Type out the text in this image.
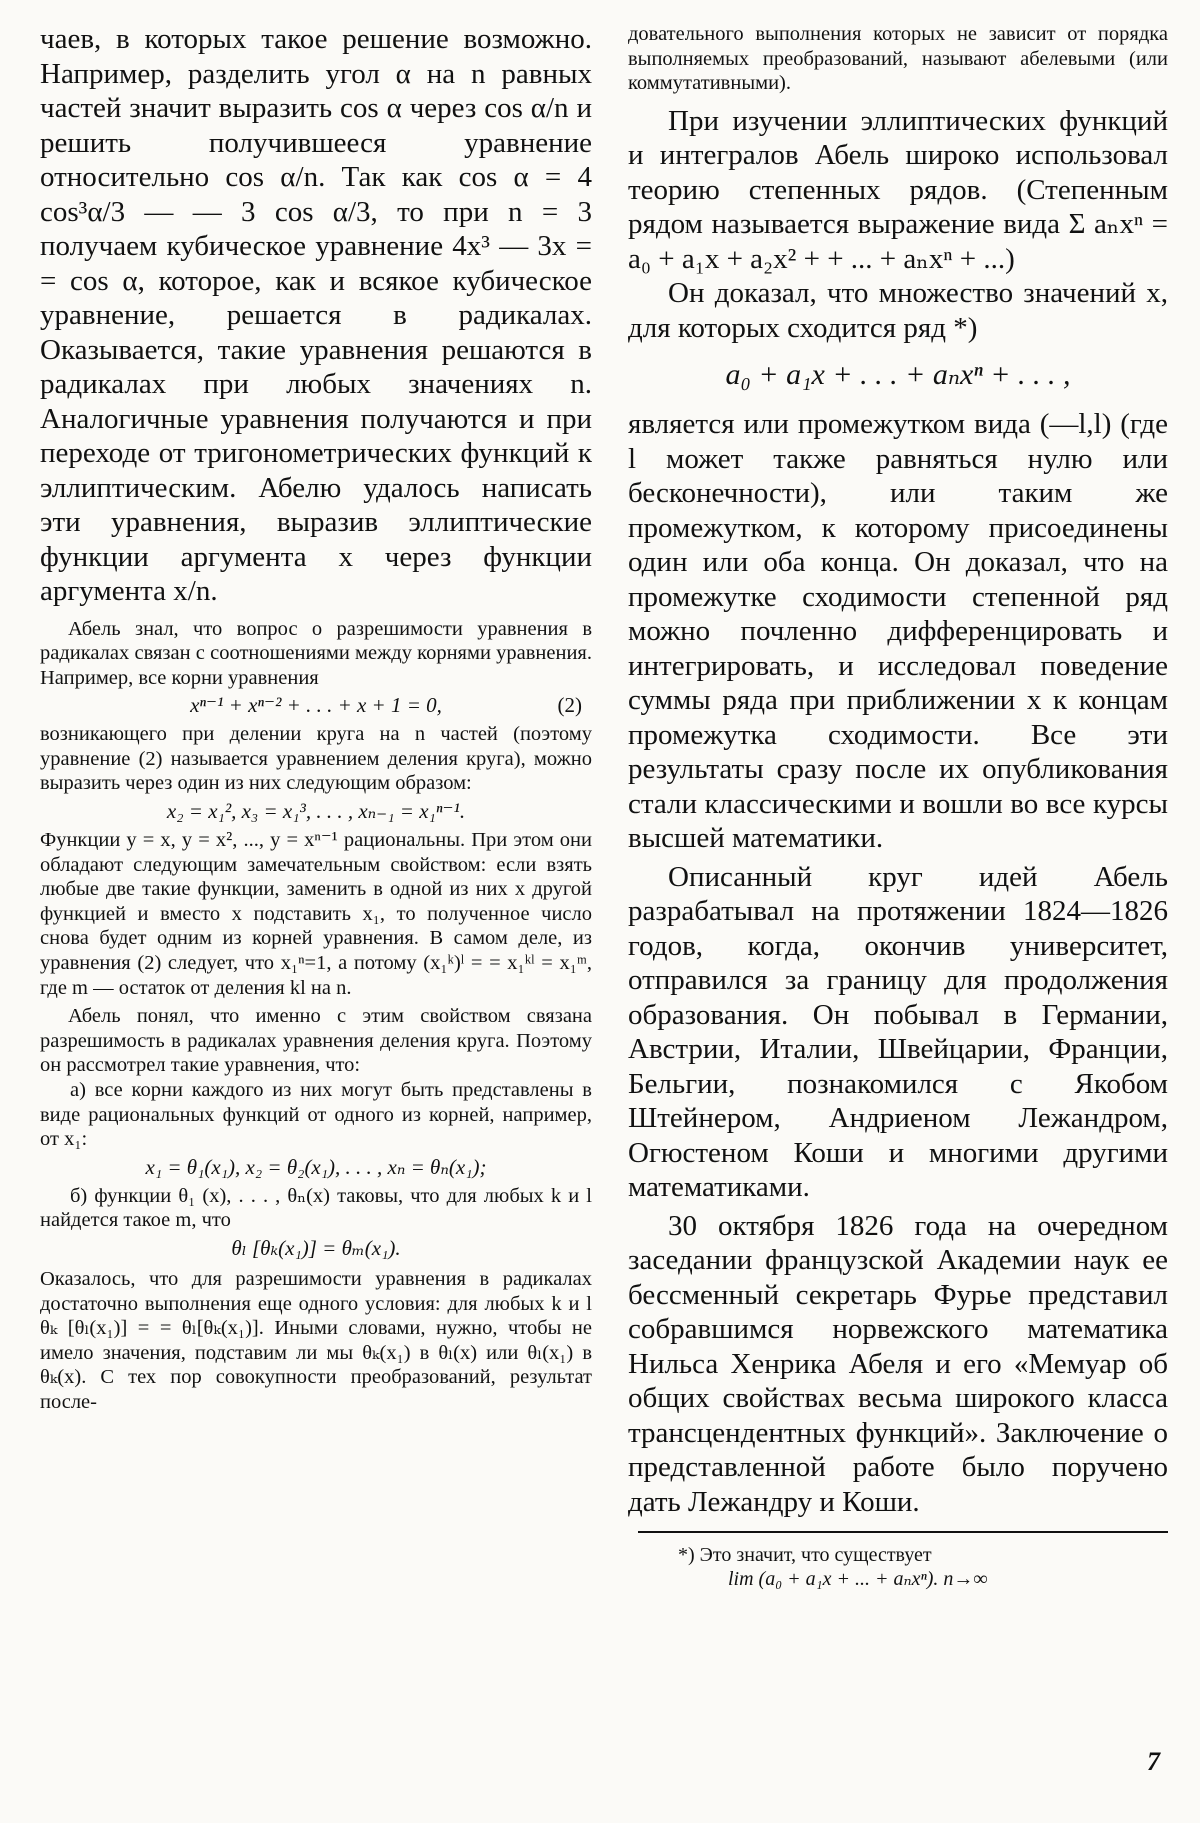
чаев, в которых такое решение возможно. Например, разделить угол α на n равных частей значит выразить cos α через cos α/n и решить получившееся уравнение относительно cos α/n. Так как cos α = 4 cos³α/3 — — 3 cos α/3, то при n = 3 получаем кубическое уравнение 4x³ — 3x = = cos α, которое, как и всякое кубическое уравнение, решается в радикалах. Оказывается, такие уравнения решаются в радикалах при любых значениях n. Аналогичные уравнения получаются и при переходе от тригонометрических функций к эллиптическим. Абелю удалось написать эти уравнения, выразив эллиптические функции аргумента x через функции аргумента x/n.

Абель знал, что вопрос о разрешимости уравнения в радикалах связан с соотношениями между корнями уравнения. Например, все корни уравнения

xⁿ⁻¹ + xⁿ⁻² + . . . + x + 1 = 0,	(2)

возникающего при делении круга на n частей (поэтому уравнение (2) называется уравнением деления круга), можно выразить через один из них следующим образом:

x₂ = x₁², x₃ = x₁³, . . . , xₙ₋₁ = x₁ⁿ⁻¹.

Функции y = x, y = x², ..., y = xⁿ⁻¹ рациональны. При этом они обладают следующим замечательным свойством: если взять любые две такие функции, заменить в одной из них x другой функцией и вместо x подставить x₁, то полученное число снова будет одним из корней уравнения. В самом деле, из уравнения (2) следует, что x₁ⁿ=1, а потому (x₁ᵏ)ˡ = = x₁ᵏˡ = x₁ᵐ, где m — остаток от деления kl на n.

Абель понял, что именно с этим свойством связана разрешимость в радикалах уравнения деления круга. Поэтому он рассмотрел такие уравнения, что:

а) все корни каждого из них могут быть представлены в виде рациональных функций от одного из корней, например, от x₁:

x₁ = θ₁(x₁), x₂ = θ₂(x₁), . . . , xₙ = θₙ(x₁);

б) функции θ₁ (x), . . . , θₙ(x) таковы, что для любых k и l найдется такое m, что

θₗ [θₖ(x₁)] = θₘ(x₁).

Оказалось, что для разрешимости уравнения в радикалах достаточно выполнения еще одного условия: для любых k и l θₖ [θₗ(x₁)] = = θₗ[θₖ(x₁)]. Иными словами, нужно, чтобы не имело значения, подставим ли мы θₖ(x₁) в θₗ(x) или θₗ(x₁) в θₖ(x). С тех пор совокупности преобразований, результат после-

довательного выполнения которых не зависит от порядка выполняемых преобразований, называют абелевыми (или коммутативными).

При изучении эллиптических функций и интегралов Абель широко использовал теорию степенных рядов. (Степенным рядом называется выражение вида Σ aₙxⁿ = a₀ + a₁x + a₂x² + + ... + aₙxⁿ + ...)

Он доказал, что множество значений x, для которых сходится ряд *)

a₀ + a₁x + . . . + aₙxⁿ + . . . ,

является или промежутком вида (—l,l) (где l может также равняться нулю или бесконечности), или таким же промежутком, к которому присоединены один или оба конца. Он доказал, что на промежутке сходимости степенной ряд можно почленно дифференцировать и интегрировать, и исследовал поведение суммы ряда при приближении x к концам промежутка сходимости. Все эти результаты сразу после их опубликования стали классическими и вошли во все курсы высшей математики.

Описанный круг идей Абель разрабатывал на протяжении 1824—1826 годов, когда, окончив университет, отправился за границу для продолжения образования. Он побывал в Германии, Австрии, Италии, Швейцарии, Франции, Бельгии, познакомился с Якобом Штейнером, Андриеном Лежандром, Огюстеном Коши и многими другими математиками.

30 октября 1826 года на очередном заседании французской Академии наук ее бессменный секретарь Фурье представил собравшимся норвежского математика Нильса Хенрика Абеля и его «Мемуар об общих свойствах весьма широкого класса трансцендентных функций». Заключение о представленной работе было поручено дать Лежандру и Коши.

*) Это значит, что существует

lim (a₀ + a₁x + ... + aₙxⁿ). n→∞

7
